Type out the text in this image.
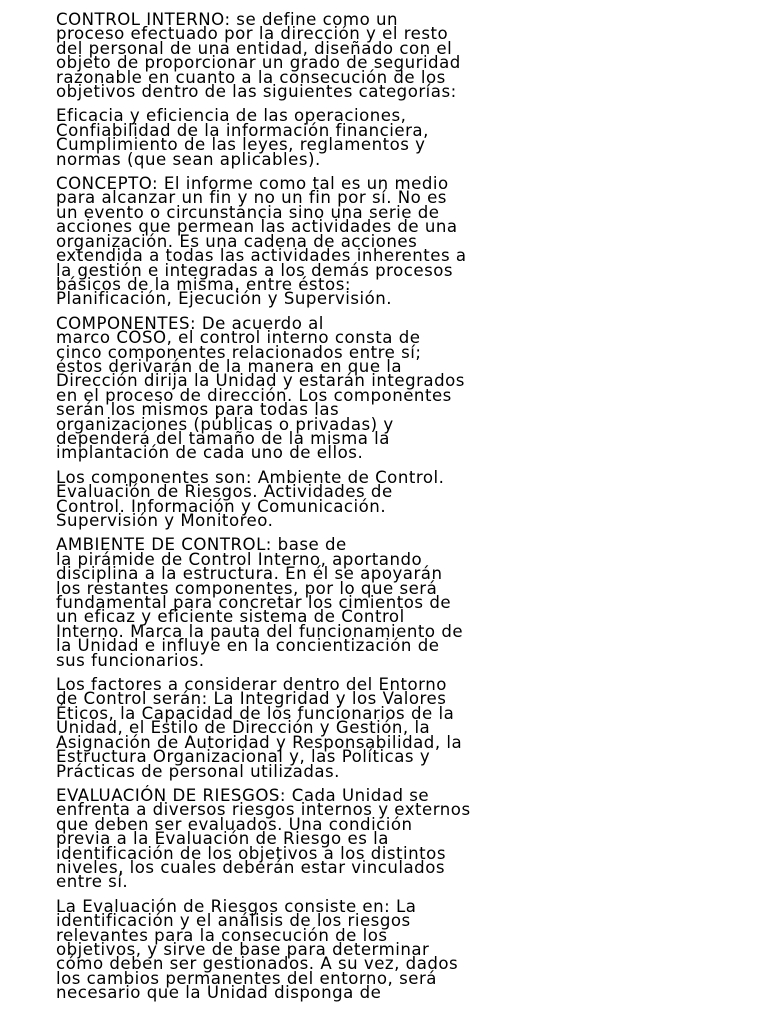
CONTROL INTERNO: se define como un
proceso efectuado por la dirección y el resto
del personal de una entidad, diseñado con el
objeto de proporcionar un grado de seguridad
razonable en cuanto a la consecución de los
objetivos dentro de las siguientes categorías:

Eficacia y eficiencia de las operaciones,
Confiabilidad de la información financiera,
Cumplimiento de las leyes, reglamentos y
normas (que sean aplicables).

CONCEPTO: El informe como tal es un medio
para alcanzar un fin y no un fin por sí. No es
un evento o circunstancia sino una serie de
acciones que permean las actividades de una
organización. Es una cadena de acciones
extendida a todas las actividades inherentes a
la gestión e integradas a los demás procesos
básicos de la misma, entre éstos:
Planificación, Ejecución y Supervisión.

COMPONENTES: De acuerdo al
marco COSO, el control interno consta de
cinco componentes relacionados entre sí;
éstos derivarán de la manera en que la
Dirección dirija la Unidad y estarán integrados
en el proceso de dirección. Los componentes
serán los mismos para todas las
organizaciones (públicas o privadas) y
dependerá del tamaño de la misma la
implantación de cada uno de ellos.

Los componentes son: Ambiente de Control.
Evaluación de Riesgos. Actividades de
Control. Información y Comunicación.
Supervisión y Monitoreo.

AMBIENTE DE CONTROL: base de
la pirámide de Control Interno, aportando
disciplina a la estructura. En él se apoyarán
los restantes componentes, por lo que será
fundamental para concretar los cimientos de
un eficaz y eficiente sistema de Control
Interno. Marca la pauta del funcionamiento de
la Unidad e influye en la concientización de
sus funcionarios.

Los factores a considerar dentro del Entorno
de Control serán: La Integridad y los Valores
Éticos, la Capacidad de los funcionarios de la
Unidad, el Estilo de Dirección y Gestión, la
Asignación de Autoridad y Responsabilidad, la
Estructura Organizacional y, las Políticas y
Prácticas de personal utilizadas.

EVALUACIÓN DE RIESGOS: Cada Unidad se
enfrenta a diversos riesgos internos y externos
que deben ser evaluados. Una condición
previa a la Evaluación de Riesgo es la
identificación de los objetivos a los distintos
niveles, los cuales deberán estar vinculados
entre sí.

La Evaluación de Riesgos consiste en: La
identificación y el análisis de los riesgos
relevantes para la consecución de los
objetivos, y sirve de base para determinar
cómo deben ser gestionados. A su vez, dados
los cambios permanentes del entorno, será
necesario que la Unidad disponga de
